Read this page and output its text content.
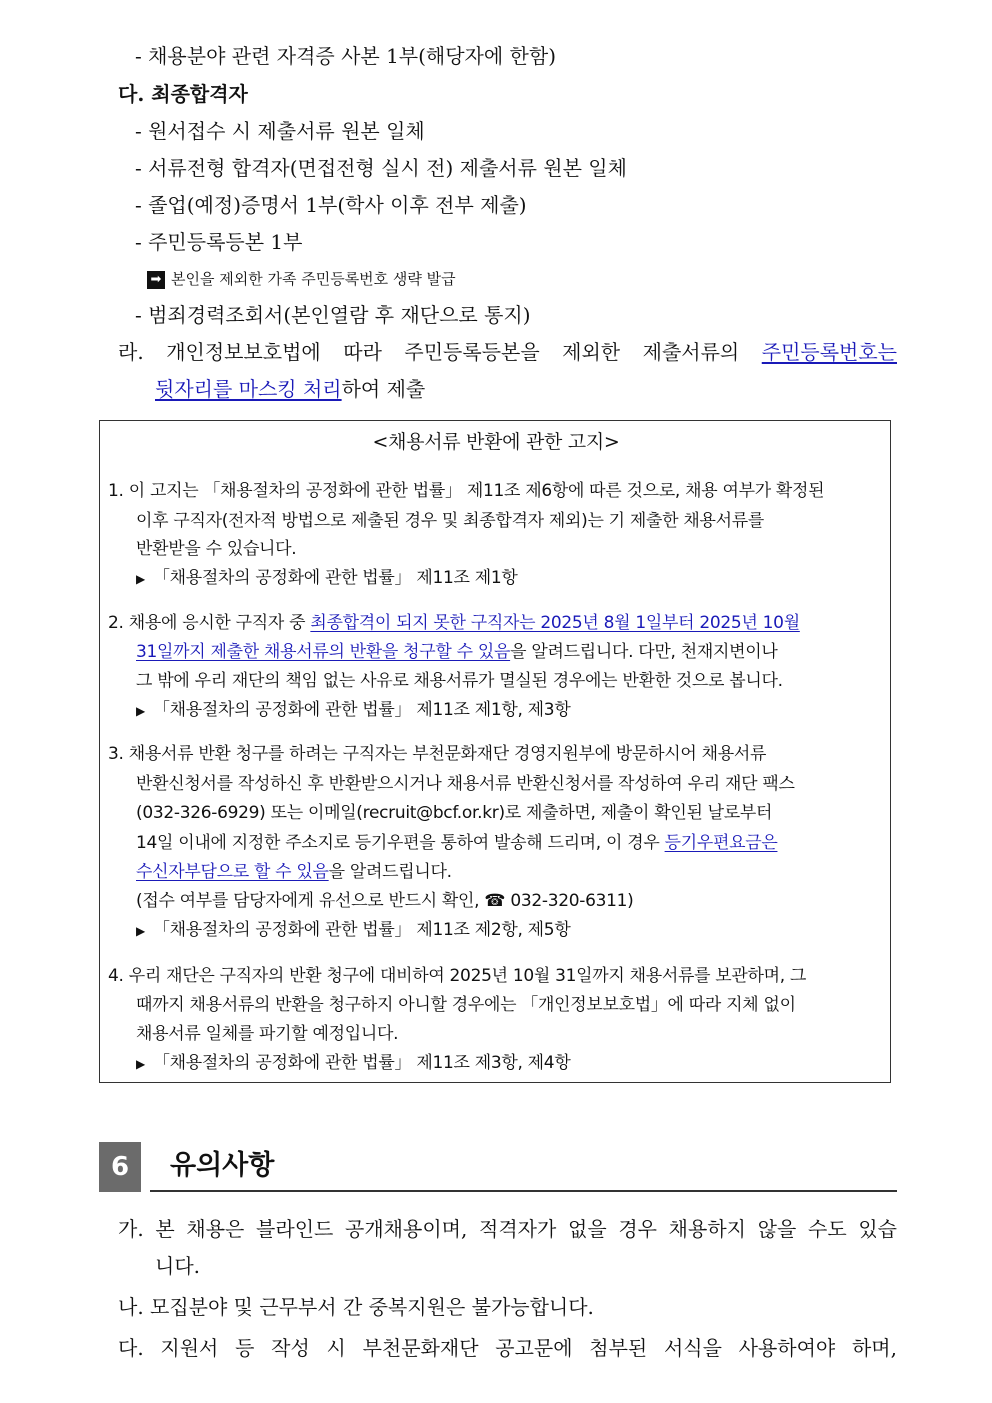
- 채용분야 관련 자격증 사본 1부(해당자에 한함)
다. 최종합격자
- 원서접수 시 제출서류 원본 일체
- 서류전형 합격자(면접전형 실시 전) 제출서류 원본 일체
- 졸업(예정)증명서 1부(학사 이후 전부 제출)
- 주민등록등본 1부
➡ 본인을 제외한 가족 주민등록번호 생략 발급
- 범죄경력조회서(본인열람 후 재단으로 통지)
라. 개인정보보호법에 따라 주민등록등본을 제외한 제출서류의 주민등록번호는
뒷자리를 마스킹 처리하여 제출
<채용서류 반환에 관한 고지>
1. 이 고지는 「채용절차의 공정화에 관한 법률」 제11조 제6항에 따른 것으로, 채용 여부가 확정된
이후 구직자(전자적 방법으로 제출된 경우 및 최종합격자 제외)는 기 제출한 채용서류를
반환받을 수 있습니다.
▶ 「채용절차의 공정화에 관한 법률」 제11조 제1항
2. 채용에 응시한 구직자 중 최종합격이 되지 못한 구직자는 2025년 8월 1일부터 2025년 10월
31일까지 제출한 채용서류의 반환을 청구할 수 있음을 알려드립니다. 다만, 천재지변이나
그 밖에 우리 재단의 책임 없는 사유로 채용서류가 멸실된 경우에는 반환한 것으로 봅니다.
▶ 「채용절차의 공정화에 관한 법률」 제11조 제1항, 제3항
3. 채용서류 반환 청구를 하려는 구직자는 부천문화재단 경영지원부에 방문하시어 채용서류
반환신청서를 작성하신 후 반환받으시거나 채용서류 반환신청서를 작성하여 우리 재단 팩스
(032-326-6929) 또는 이메일(recruit@bcf.or.kr)로 제출하면, 제출이 확인된 날로부터
14일 이내에 지정한 주소지로 등기우편을 통하여 발송해 드리며, 이 경우 등기우편요금은
수신자부담으로 할 수 있음을 알려드립니다.
(접수 여부를 담당자에게 유선으로 반드시 확인, ☎ 032-320-6311)
▶ 「채용절차의 공정화에 관한 법률」 제11조 제2항, 제5항
4. 우리 재단은 구직자의 반환 청구에 대비하여 2025년 10월 31일까지 채용서류를 보관하며, 그
때까지 채용서류의 반환을 청구하지 아니할 경우에는 「개인정보보호법」에 따라 지체 없이
채용서류 일체를 파기할 예정입니다.
▶ 「채용절차의 공정화에 관한 법률」 제11조 제3항, 제4항
6	유의사항
가. 본 채용은 블라인드 공개채용이며, 적격자가 없을 경우 채용하지 않을 수도 있습
니다.
나. 모집분야 및 근무부서 간 중복지원은 불가능합니다.
다. 지원서 등 작성 시 부천문화재단 공고문에 첨부된 서식을 사용하여야 하며,
